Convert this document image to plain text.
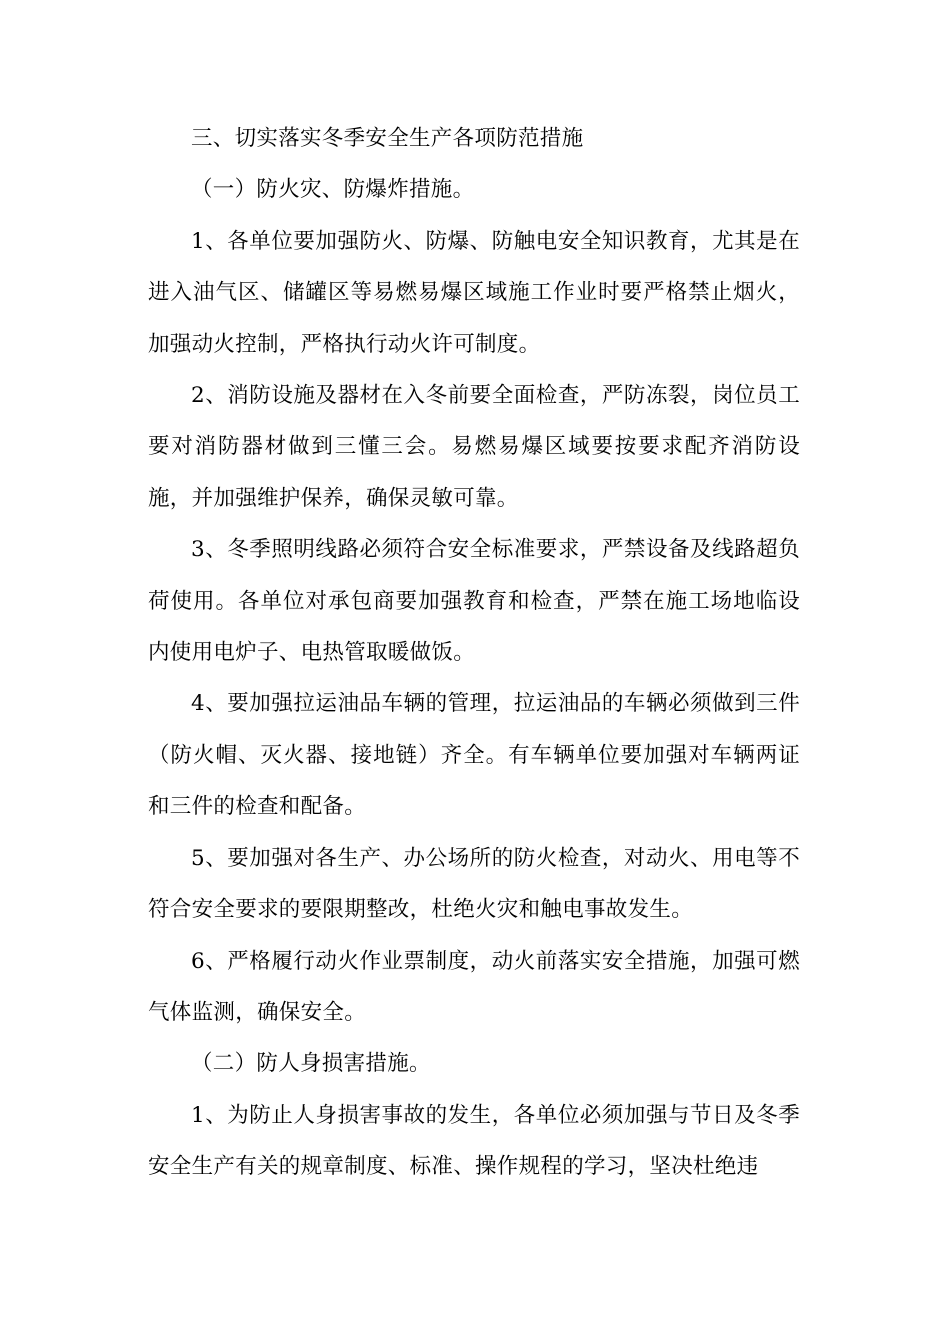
三、切实落实冬季安全生产各项防范措施

（一）防火灾、防爆炸措施。

1、各单位要加强防火、防爆、防触电安全知识教育，尤其是在进入油气区、储罐区等易燃易爆区域施工作业时要严格禁止烟火，加强动火控制，严格执行动火许可制度。

2、消防设施及器材在入冬前要全面检查，严防冻裂，岗位员工要对消防器材做到三懂三会。易燃易爆区域要按要求配齐消防设施，并加强维护保养，确保灵敏可靠。

3、冬季照明线路必须符合安全标准要求，严禁设备及线路超负荷使用。各单位对承包商要加强教育和检查，严禁在施工场地临设内使用电炉子、电热管取暖做饭。

4、要加强拉运油品车辆的管理，拉运油品的车辆必须做到三件（防火帽、灭火器、接地链）齐全。有车辆单位要加强对车辆两证和三件的检查和配备。

5、要加强对各生产、办公场所的防火检查，对动火、用电等不符合安全要求的要限期整改，杜绝火灾和触电事故发生。

6、严格履行动火作业票制度，动火前落实安全措施，加强可燃气体监测，确保安全。

（二）防人身损害措施。

1、为防止人身损害事故的发生，各单位必须加强与节日及冬季安全生产有关的规章制度、标准、操作规程的学习，坚决杜绝违
